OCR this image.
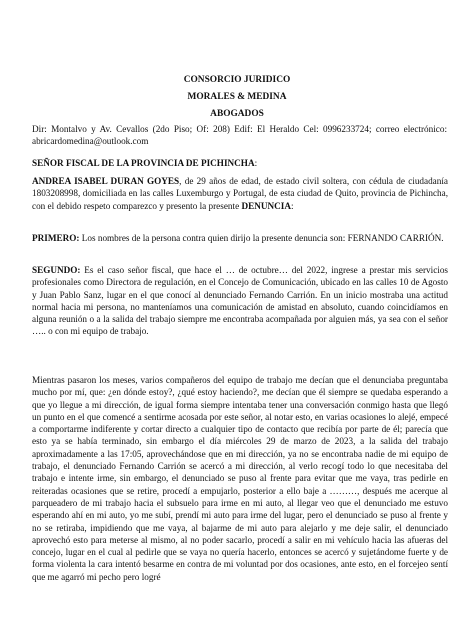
CONSORCIO JURIDICO
MORALES & MEDINA
ABOGADOS
Dir: Montalvo y Av. Cevallos (2do Piso; Of: 208) Edif: El Heraldo Cel: 0996233724; correo electrónico: abricardomedina@outlook.com
SEÑOR FISCAL DE LA PROVINCIA DE PICHINCHA:
ANDREA ISABEL DURAN GOYES, de 29 años de edad, de estado civil soltera, con cédula de ciudadanía 1803208998, domiciliada en las calles Luxemburgo y Portugal, de esta ciudad de Quito, provincia de Pichincha, con el debido respeto comparezco y presento la presente DENUNCIA:
PRIMERO: Los nombres de la persona contra quien dirijo la presente denuncia son: FERNANDO CARRIÓN.
SEGUNDO: Es el caso señor fiscal, que hace el … de octubre… del 2022, ingrese a prestar mis servicios profesionales como Directora de regulación, en el Concejo de Comunicación, ubicado en las calles 10 de Agosto y Juan Pablo Sanz, lugar en el que conocí al denunciado Fernando Carrión. En un inicio mostraba una actitud normal hacia mi persona, no manteníamos una comunicación de amistad en absoluto, cuando coincidíamos en alguna reunión o a la salida del trabajo siempre me encontraba acompañada por alguien más, ya sea con el señor ….. o con mi equipo de trabajo.
Mientras pasaron los meses, varios compañeros del equipo de trabajo me decían que el denunciaba preguntaba mucho por mí, que: ¿en dónde estoy?, ¿qué estoy haciendo?, me decían que él siempre se quedaba esperando a que yo llegue a mi dirección, de igual forma siempre intentaba tener una conversación conmigo hasta que llegó un punto en el que comencé a sentirme acosada por este señor, al notar esto, en varias ocasiones lo alejé, empecé a comportarme indiferente y cortar directo a cualquier tipo de contacto que recibía por parte de él; parecía que esto ya se había terminado, sin embargo el día miércoles 29 de marzo de 2023, a la salida del trabajo aproximadamente a las 17:05, aprovechándose que en mi dirección, ya no se encontraba nadie de mi equipo de trabajo, el denunciado Fernando Carrión se acercó a mi dirección, al verlo recogí todo lo que necesitaba del trabajo e intente irme, sin embargo, el denunciado se puso al frente para evitar que me vaya, tras pedirle en reiteradas ocasiones que se retire, procedí a empujarlo, posterior a ello baje a ………, después me acerque al parqueadero de mi trabajo hacia el subsuelo para irme en mi auto, al llegar veo que el denunciado me estuvo esperando ahí en mi auto, yo me subí, prendí mi auto para irme del lugar, pero el denunciado se puso al frente y no se retiraba, impidiendo que me vaya, al bajarme de mi auto para alejarlo y me deje salir, el denunciado aprovechó esto para meterse al mismo, al no poder sacarlo, procedí a salir en mi vehículo hacia las afueras del concejo, lugar en el cual al pedirle que se vaya no quería hacerlo, entonces se acercó y sujetándome fuerte y de forma violenta la cara intentó besarme en contra de mi voluntad por dos ocasiones, ante esto, en el forcejeo sentí que me agarró mi pecho pero logré
